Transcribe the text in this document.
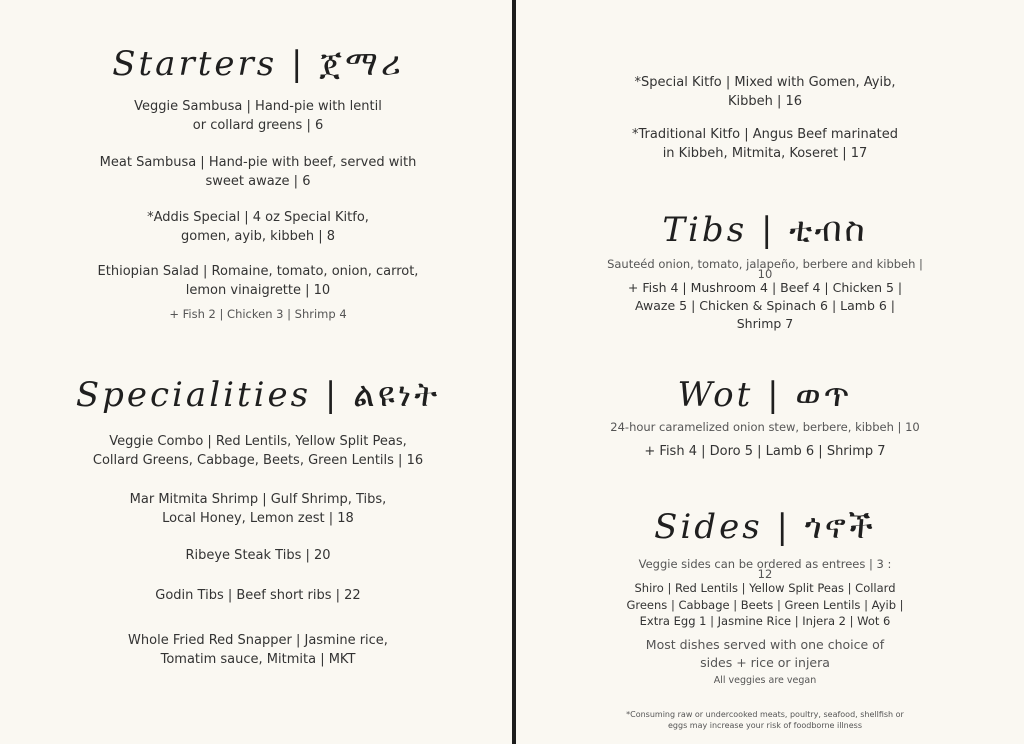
Starters | ጀማሪ
Veggie Sambusa | Hand-pie with lentil
or collard greens | 6
Meat Sambusa | Hand-pie with beef, served with
sweet awaze | 6
*Addis Special | 4 oz Special Kitfo,
gomen, ayib, kibbeh | 8
Ethiopian Salad | Romaine, tomato, onion, carrot,
lemon vinaigrette | 10
+ Fish 2 | Chicken 3 | Shrimp 4
Specialities | ልዩነት
Veggie Combo | Red Lentils, Yellow Split Peas,
Collard Greens, Cabbage, Beets, Green Lentils | 16
Mar Mitmita Shrimp | Gulf Shrimp, Tibs,
Local Honey, Lemon zest | 18
Ribeye Steak Tibs | 20
Godin Tibs | Beef short ribs | 22
Whole Fried Red Snapper | Jasmine rice,
Tomatim sauce, Mitmita | MKT
*Special Kitfo | Mixed with Gomen, Ayib,
Kibbeh | 16
*Traditional Kitfo | Angus Beef marinated
in Kibbeh, Mitmita, Koseret | 17
Tibs | ቲብስ
Sauteéd onion, tomato, jalapeño, berbere and kibbeh |
10
+ Fish 4 | Mushroom 4 | Beef 4 | Chicken 5 |
Awaze 5 | Chicken & Spinach 6 | Lamb 6 |
Shrimp 7
Wot | ወጥ
24-hour caramelized onion stew, berbere, kibbeh | 10
+ Fish 4 | Doro 5 | Lamb 6 | Shrimp 7
Sides | ጎኖች
Veggie sides can be ordered as entrees | 3 :
12
Shiro | Red Lentils | Yellow Split Peas | Collard
Greens | Cabbage | Beets | Green Lentils | Ayib |
Extra Egg 1 | Jasmine Rice | Injera 2 | Wot 6
Most dishes served with one choice of
sides + rice or injera
All veggies are vegan
*Consuming raw or undercooked meats, poultry, seafood, shellfish or
eggs may increase your risk of foodborne illness
